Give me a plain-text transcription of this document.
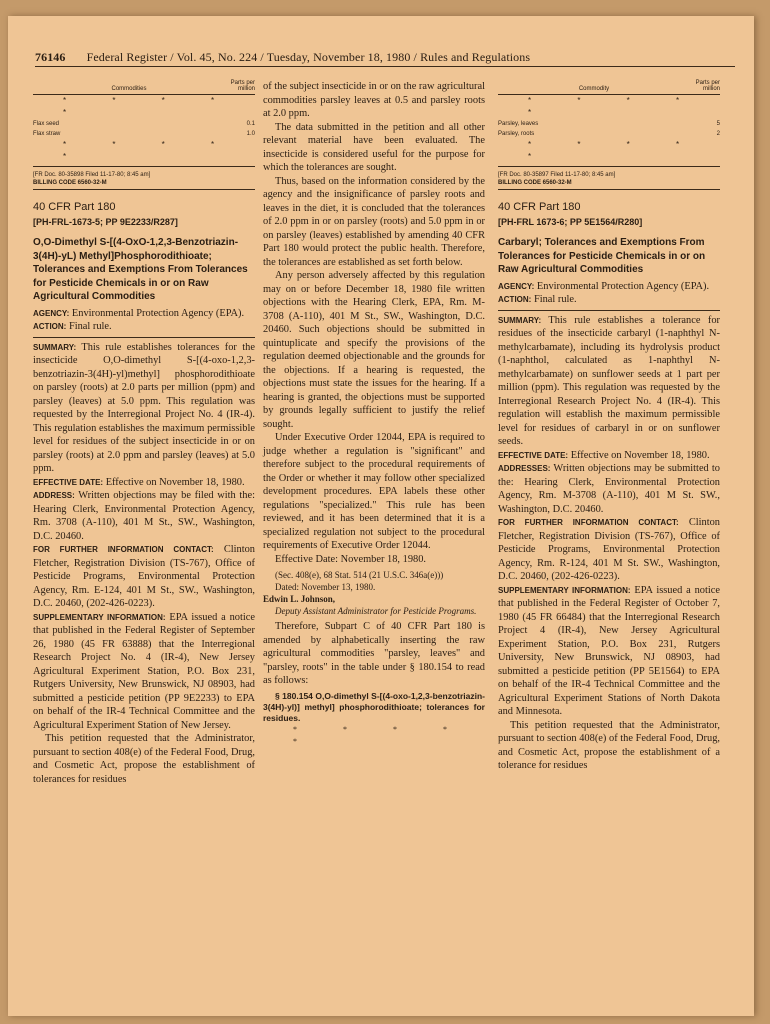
76146 Federal Register / Vol. 45, No. 224 / Tuesday, November 18, 1980 / Rules and Regulations
Commodities
Parts per million
* * * * *
Flax seed	0.1
Flax straw	1.0
* * * * *
[FR Doc. 80-35898 Filed 11-17-80; 8:45 am]
BILLING CODE 6560-32-M
40 CFR Part 180
[PH-FRL-1673-5; PP 9E2233/R287]
O,O-Dimethyl S-[(4-OxO-1,2,3-Benzotriazin-3(4H)-yL) Methyl]Phosphorodithioate; Tolerances and Exemptions From Tolerances for Pesticide Chemicals in or on Raw Agricultural Commodities

AGENCY: Environmental Protection Agency (EPA).

ACTION: Final rule.

SUMMARY: This rule establishes tolerances for the insecticide O,O-dimethyl S-[(4-oxo-1,2,3-benzotriazin-3(4H)-yl)methyl] phosphorodithioate on parsley (roots) at 2.0 parts per million (ppm) and parsley (leaves) at 5.0 ppm. This regulation was requested by the Interregional Project No. 4 (IR-4). This regulation establishes the maximum permissible level for residues of the subject insecticide in or on parsley (roots) at 2.0 ppm and parsley (leaves) at 5.0 ppm.

EFFECTIVE DATE: Effective on November 18, 1980.

ADDRESS: Written objections may be filed with the: Hearing Clerk, Environmental Protection Agency, Rm. 3708 (A-110), 401 M St., SW., Washington, D.C. 20460.

FOR FURTHER INFORMATION CONTACT: Clinton Fletcher, Registration Division (TS-767), Office of Pesticide Programs, Environmental Protection Agency, Rm. E-124, 401 M St., SW., Washington, D.C. 20460, (202-426-0223).

SUPPLEMENTARY INFORMATION: EPA issued a notice that published in the Federal Register of September 26, 1980 (45 FR 63888) that the Interregional Research Project No. 4 (IR-4), New Jersey Agricultural Experiment Station, P.O. Box 231, Rutgers University, New Brunswick, NJ 08903, had submitted a pesticide petition (PP 9E2233) to EPA on behalf of the IR-4 Technical Committee and the Agricultural Experiment Station of New Jersey.

This petition requested that the Administrator, pursuant to section 408(e) of the Federal Food, Drug, and Cosmetic Act, propose the establishment of tolerances for residues

of the subject insecticide in or on the raw agricultural commodities parsley leaves at 0.5 and parsley roots at 2.0 ppm.

The data submitted in the petition and all other relevant material have been evaluated. The insecticide is considered useful for the purpose for which the tolerances are sought.

Thus, based on the information considered by the agency and the insignificance of parsley roots and leaves in the diet, it is concluded that the tolerances of 2.0 ppm in or on parsley (roots) and 5.0 ppm in or on parsley (leaves) established by amending 40 CFR Part 180 would protect the public health. Therefore, the tolerances are established as set forth below.

Any person adversely affected by this regulation may on or before December 18, 1980 file written objections with the Hearing Clerk, EPA, Rm. M-3708 (A-110), 401 M St., SW., Washington, D.C. 20460. Such objections should be submitted in quintuplicate and specify the provisions of the regulation deemed objectionable and the grounds for the objections. If a hearing is requested, the objections must state the issues for the hearing. If a hearing is granted, the objections must be supported by grounds legally sufficient to justify the relief sought.

Under Executive Order 12044, EPA is required to judge whether a regulation is "significant" and therefore subject to the procedural requirements of the Order or whether it may follow other specialized development procedures. EPA labels these other regulations "specialized." This rule has been reviewed, and it has been determined that it is a specialized regulation not subject to the procedural requirements of Executive Order 12044.

Effective Date: November 18, 1980.

(Sec. 408(e), 68 Stat. 514 (21 U.S.C. 346a(e)))

Dated: November 13, 1980.

Edwin L. Johnson,

Deputy Assistant Administrator for Pesticide Programs.

Therefore, Subpart C of 40 CFR Part 180 is amended by alphabetically inserting the raw agricultural commodities "parsley, leaves" and "parsley, roots" in the table under § 180.154 to read as follows:

§ 180.154 O,O-dimethyl S-[(4-oxo-1,2,3-benzotriazin-3(4H)-yl)] methyl] phosphorodithioate; tolerances for residues.

* * * * *
Commodity
Parts per million
* * * * *
Parsley, leaves	5
Parsley, roots	2
* * * * *
[FR Doc. 80-35897 Filed 11-17-80; 8:45 am]
BILLING CODE 6560-32-M
40 CFR Part 180
[PH-FRL 1673-6; PP 5E1564/R280]
Carbaryl; Tolerances and Exemptions From Tolerances for Pesticide Chemicals in or on Raw Agricultural Commodities

AGENCY: Environmental Protection Agency (EPA).

ACTION: Final rule.

SUMMARY: This rule establishes a tolerance for residues of the insecticide carbaryl (1-naphthyl N-methylcarbamate), including its hydrolysis product (1-naphthol, calculated as 1-naphthyl N-methylcarbamate) on sunflower seeds at 1 part per million (ppm). This regulation was requested by the Interregional Research Project No. 4 (IR-4). This regulation will establish the maximum permissible level for residues of carbaryl in or on sunflower seeds.

EFFECTIVE DATE: Effective on November 18, 1980.

ADDRESSES: Written objections may be submitted to the: Hearing Clerk, Environmental Protection Agency, Rm. M-3708 (A-110), 401 M St. SW., Washington, D.C. 20460.

FOR FURTHER INFORMATION CONTACT: Clinton Fletcher, Registration Division (TS-767), Office of Pesticide Programs, Environmental Protection Agency, Rm. R-124, 401 M St. SW., Washington, D.C. 20460, (202-426-0223).

SUPPLEMENTARY INFORMATION: EPA issued a notice that published in the Federal Register of October 7, 1980 (45 FR 66484) that the Interregional Research Project 4 (IR-4), New Jersey Agricultural Experiment Station, P.O. Box 231, Rutgers University, New Brunswick, NJ 08903, had submitted a pesticide petition (PP 5E1564) to EPA on behalf of the IR-4 Technical Committee and the Agricultural Experiment Stations of North Dakota and Minnesota.

This petition requested that the Administrator, pursuant to section 408(e) of the Federal Food, Drug, and Cosmetic Act, propose the establishment of a tolerance for residues
